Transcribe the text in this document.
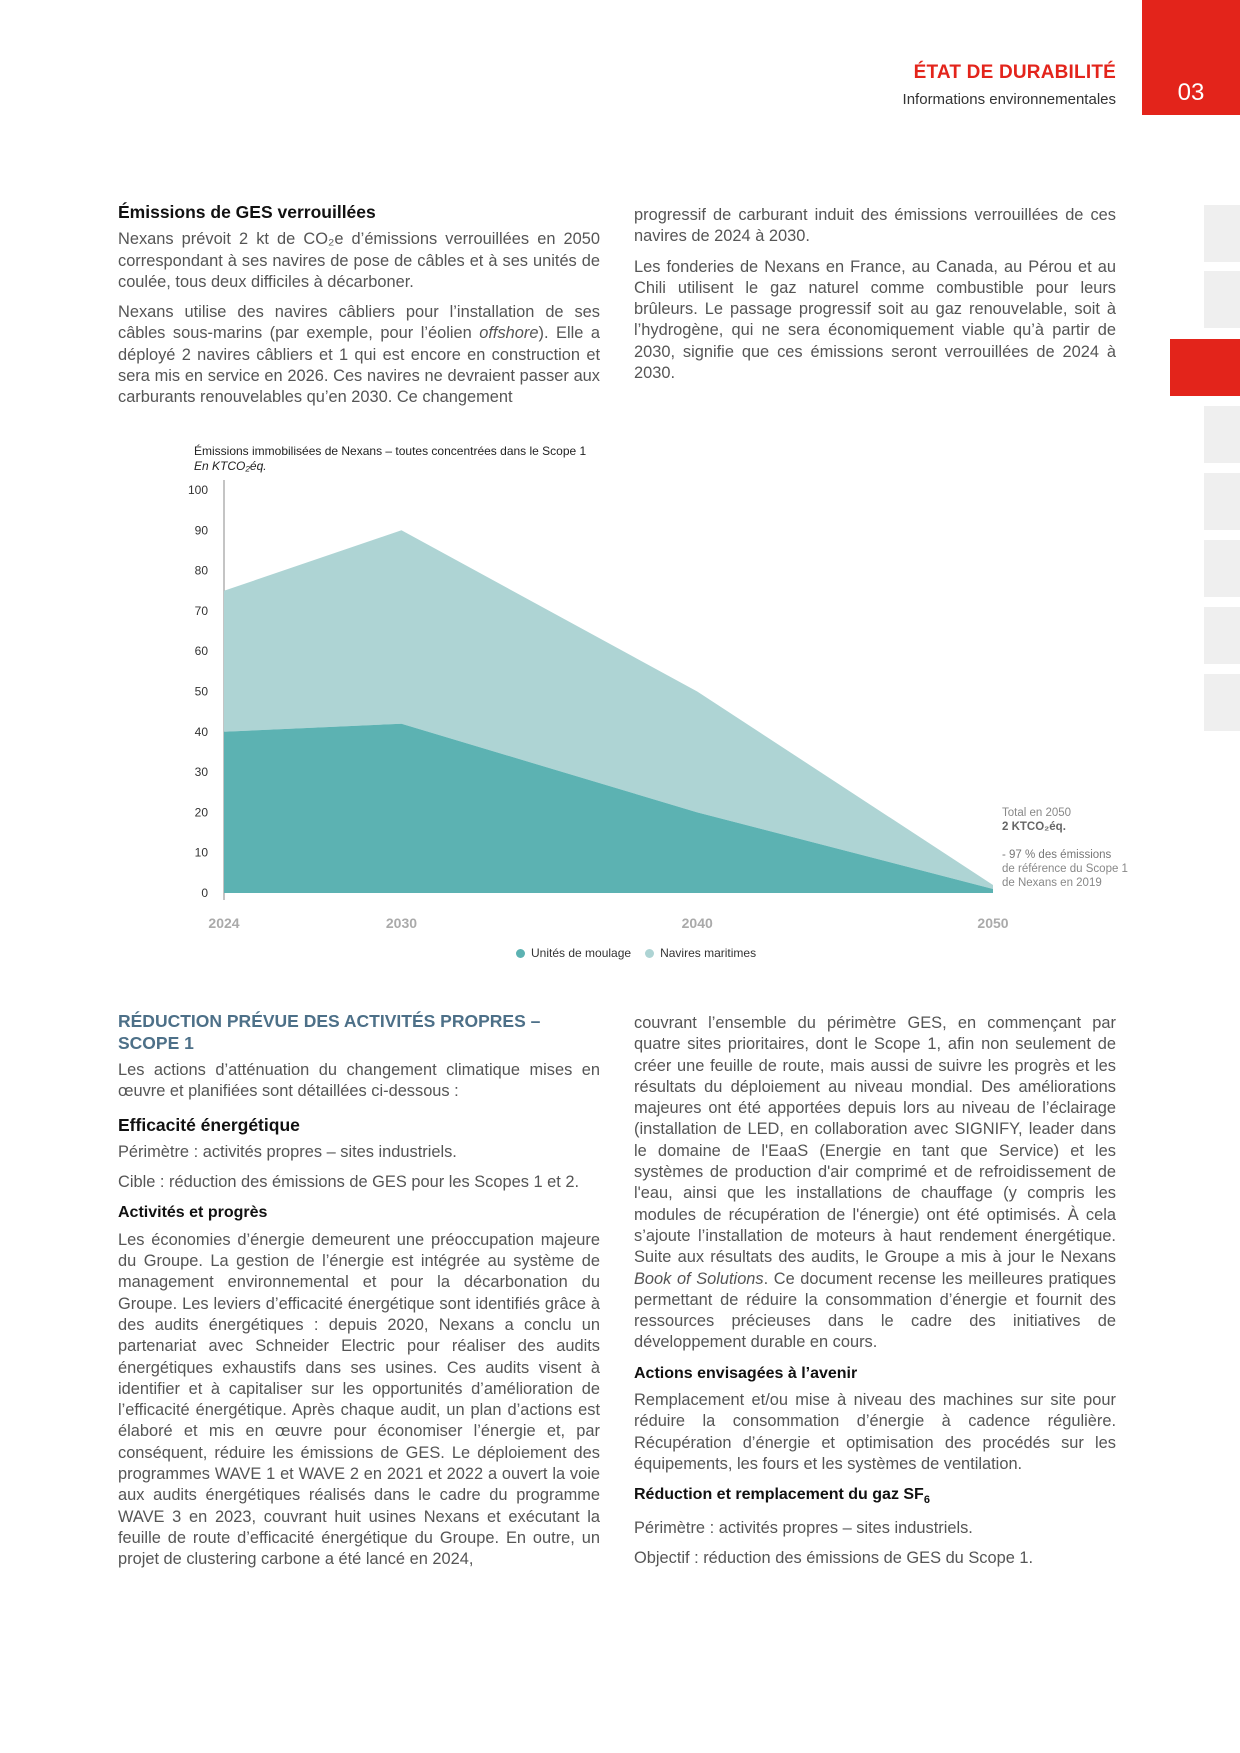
ÉTAT DE DURABILITÉ
Informations environnementales	03
Émissions de GES verrouillées

Nexans prévoit 2 kt de CO₂e d’émissions verrouillées en 2050 correspondant à ses navires de pose de câbles et à ses unités de coulée, tous deux difficiles à décarboner.

Nexans utilise des navires câbliers pour l’installation de ses câbles sous-marins (par exemple, pour l’éolien offshore). Elle a déployé 2 navires câbliers et 1 qui est encore en construction et sera mis en service en 2026. Ces navires ne devraient passer aux carburants renouvelables qu’en 2030. Ce changement

progressif de carburant induit des émissions verrouillées de ces navires de 2024 à 2030.

Les fonderies de Nexans en France, au Canada, au Pérou et au Chili utilisent le gaz naturel comme combustible pour leurs brûleurs. Le passage progressif soit au gaz renouvelable, soit à l’hydrogène, qui ne sera économiquement viable qu’à partir de 2030, signifie que ces émissions seront verrouillées de 2024 à 2030.

Émissions immobilisées de Nexans – toutes concentrées dans le Scope 1
En KTCO₂éq.
0
10
20
30
40
50
60
70
80
90
100
2024	2030	2040	2050
Total en 2050
2 KTCO₂éq.
- 97 % des émissions
de référence du Scope 1
de Nexans en 2019
Unités de moulage Navires maritimes
RÉDUCTION PRÉVUE DES ACTIVITÉS PROPRES – SCOPE 1

Les actions d’atténuation du changement climatique mises en œuvre et planifiées sont détaillées ci-dessous :

Efficacité énergétique

Périmètre : activités propres – sites industriels.

Cible : réduction des émissions de GES pour les Scopes 1 et 2.

Activités et progrès

Les économies d’énergie demeurent une préoccupation majeure du Groupe. La gestion de l’énergie est intégrée au système de management environnemental et pour la décarbonation du Groupe. Les leviers d’efficacité énergétique sont identifiés grâce à des audits énergétiques : depuis 2020, Nexans a conclu un partenariat avec Schneider Electric pour réaliser des audits énergétiques exhaustifs dans ses usines. Ces audits visent à identifier et à capitaliser sur les opportunités d’amélioration de l’efficacité énergétique. Après chaque audit, un plan d’actions est élaboré et mis en œuvre pour économiser l’énergie et, par conséquent, réduire les émissions de GES. Le déploiement des programmes WAVE 1 et WAVE 2 en 2021 et 2022 a ouvert la voie aux audits énergétiques réalisés dans le cadre du programme WAVE 3 en 2023, couvrant huit usines Nexans et exécutant la feuille de route d’efficacité énergétique du Groupe. En outre, un projet de clustering carbone a été lancé en 2024,

couvrant l’ensemble du périmètre GES, en commençant par quatre sites prioritaires, dont le Scope 1, afin non seulement de créer une feuille de route, mais aussi de suivre les progrès et les résultats du déploiement au niveau mondial. Des améliorations majeures ont été apportées depuis lors au niveau de l’éclairage (installation de LED, en collaboration avec SIGNIFY, leader dans le domaine de l'EaaS (Energie en tant que Service) et les systèmes de production d'air comprimé et de refroidissement de l'eau, ainsi que les installations de chauffage (y compris les modules de récupération de l'énergie) ont été optimisés. À cela s’ajoute l’installation de moteurs à haut rendement énergétique. Suite aux résultats des audits, le Groupe a mis à jour le Nexans Book of Solutions. Ce document recense les meilleures pratiques permettant de réduire la consommation d’énergie et fournit des ressources précieuses dans le cadre des initiatives de développement durable en cours.

Actions envisagées à l’avenir

Remplacement et/ou mise à niveau des machines sur site pour réduire la consommation d’énergie à cadence régulière. Récupération d’énergie et optimisation des procédés sur les équipements, les fours et les systèmes de ventilation.

Réduction et remplacement du gaz $SF_6$

Périmètre : activités propres – sites industriels.

Objectif : réduction des émissions de GES du Scope 1.
